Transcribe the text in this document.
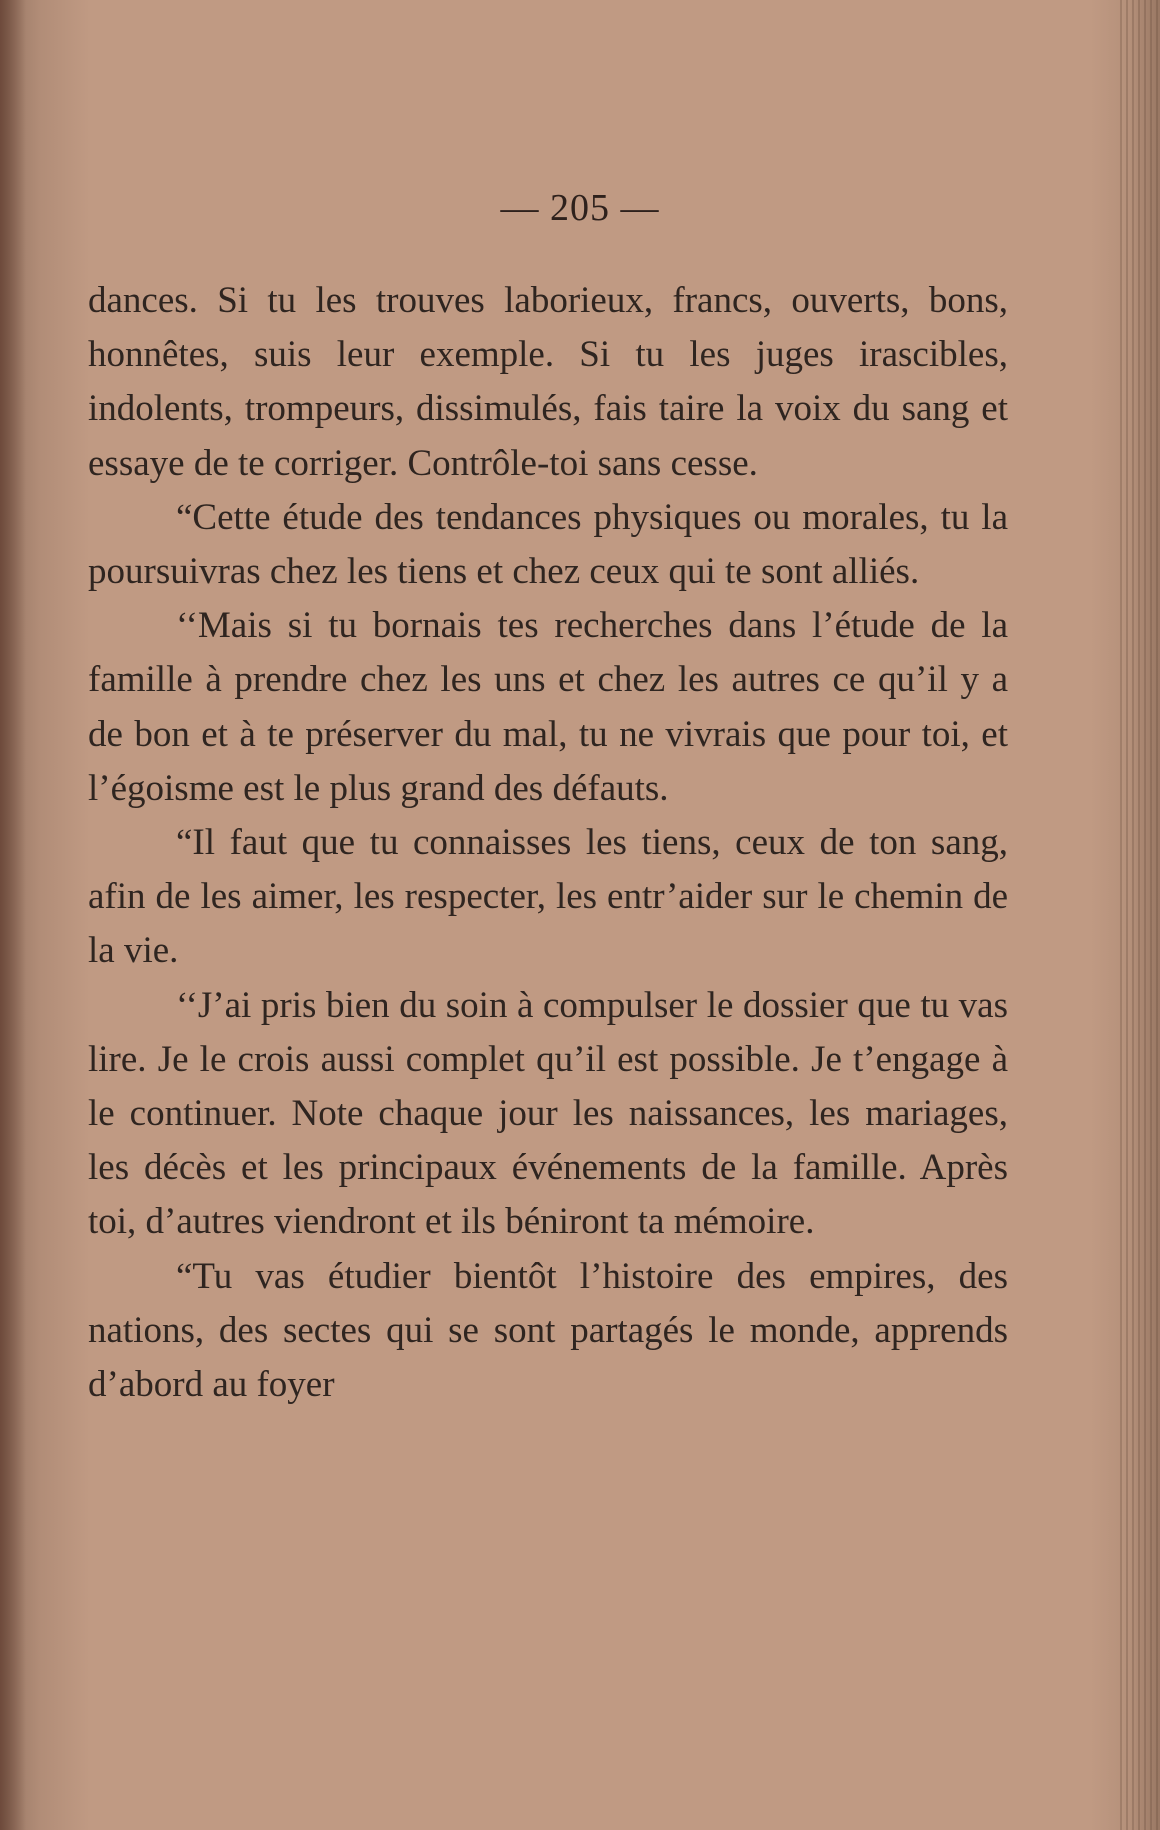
— 205 —

dances. Si tu les trouves laborieux, francs, ouverts, bons, honnêtes, suis leur exemple. Si tu les juges irascibles, indolents, trompeurs, dissimulés, fais taire la voix du sang et essaye de te corriger. Contrôle-toi sans cesse.

“Cette étude des tendances physiques ou morales, tu la poursuivras chez les tiens et chez ceux qui te sont alliés.

‘‘Mais si tu bornais tes recherches dans l’étude de la famille à prendre chez les uns et chez les autres ce qu’il y a de bon et à te préserver du mal, tu ne vivrais que pour toi, et l’égoisme est le plus grand des défauts.

“Il faut que tu connaisses les tiens, ceux de ton sang, afin de les aimer, les respecter, les entr’aider sur le chemin de la vie.

‘‘J’ai pris bien du soin à compulser le dossier que tu vas lire. Je le crois aussi complet qu’il est possible. Je t’engage à le continuer. Note chaque jour les naissances, les mariages, les décès et les principaux événements de la famille. Après toi, d’autres viendront et ils béniront ta mémoire.

“Tu vas étudier bientôt l’histoire des empires, des nations, des sectes qui se sont partagés le monde, apprends d’abord au foyer
